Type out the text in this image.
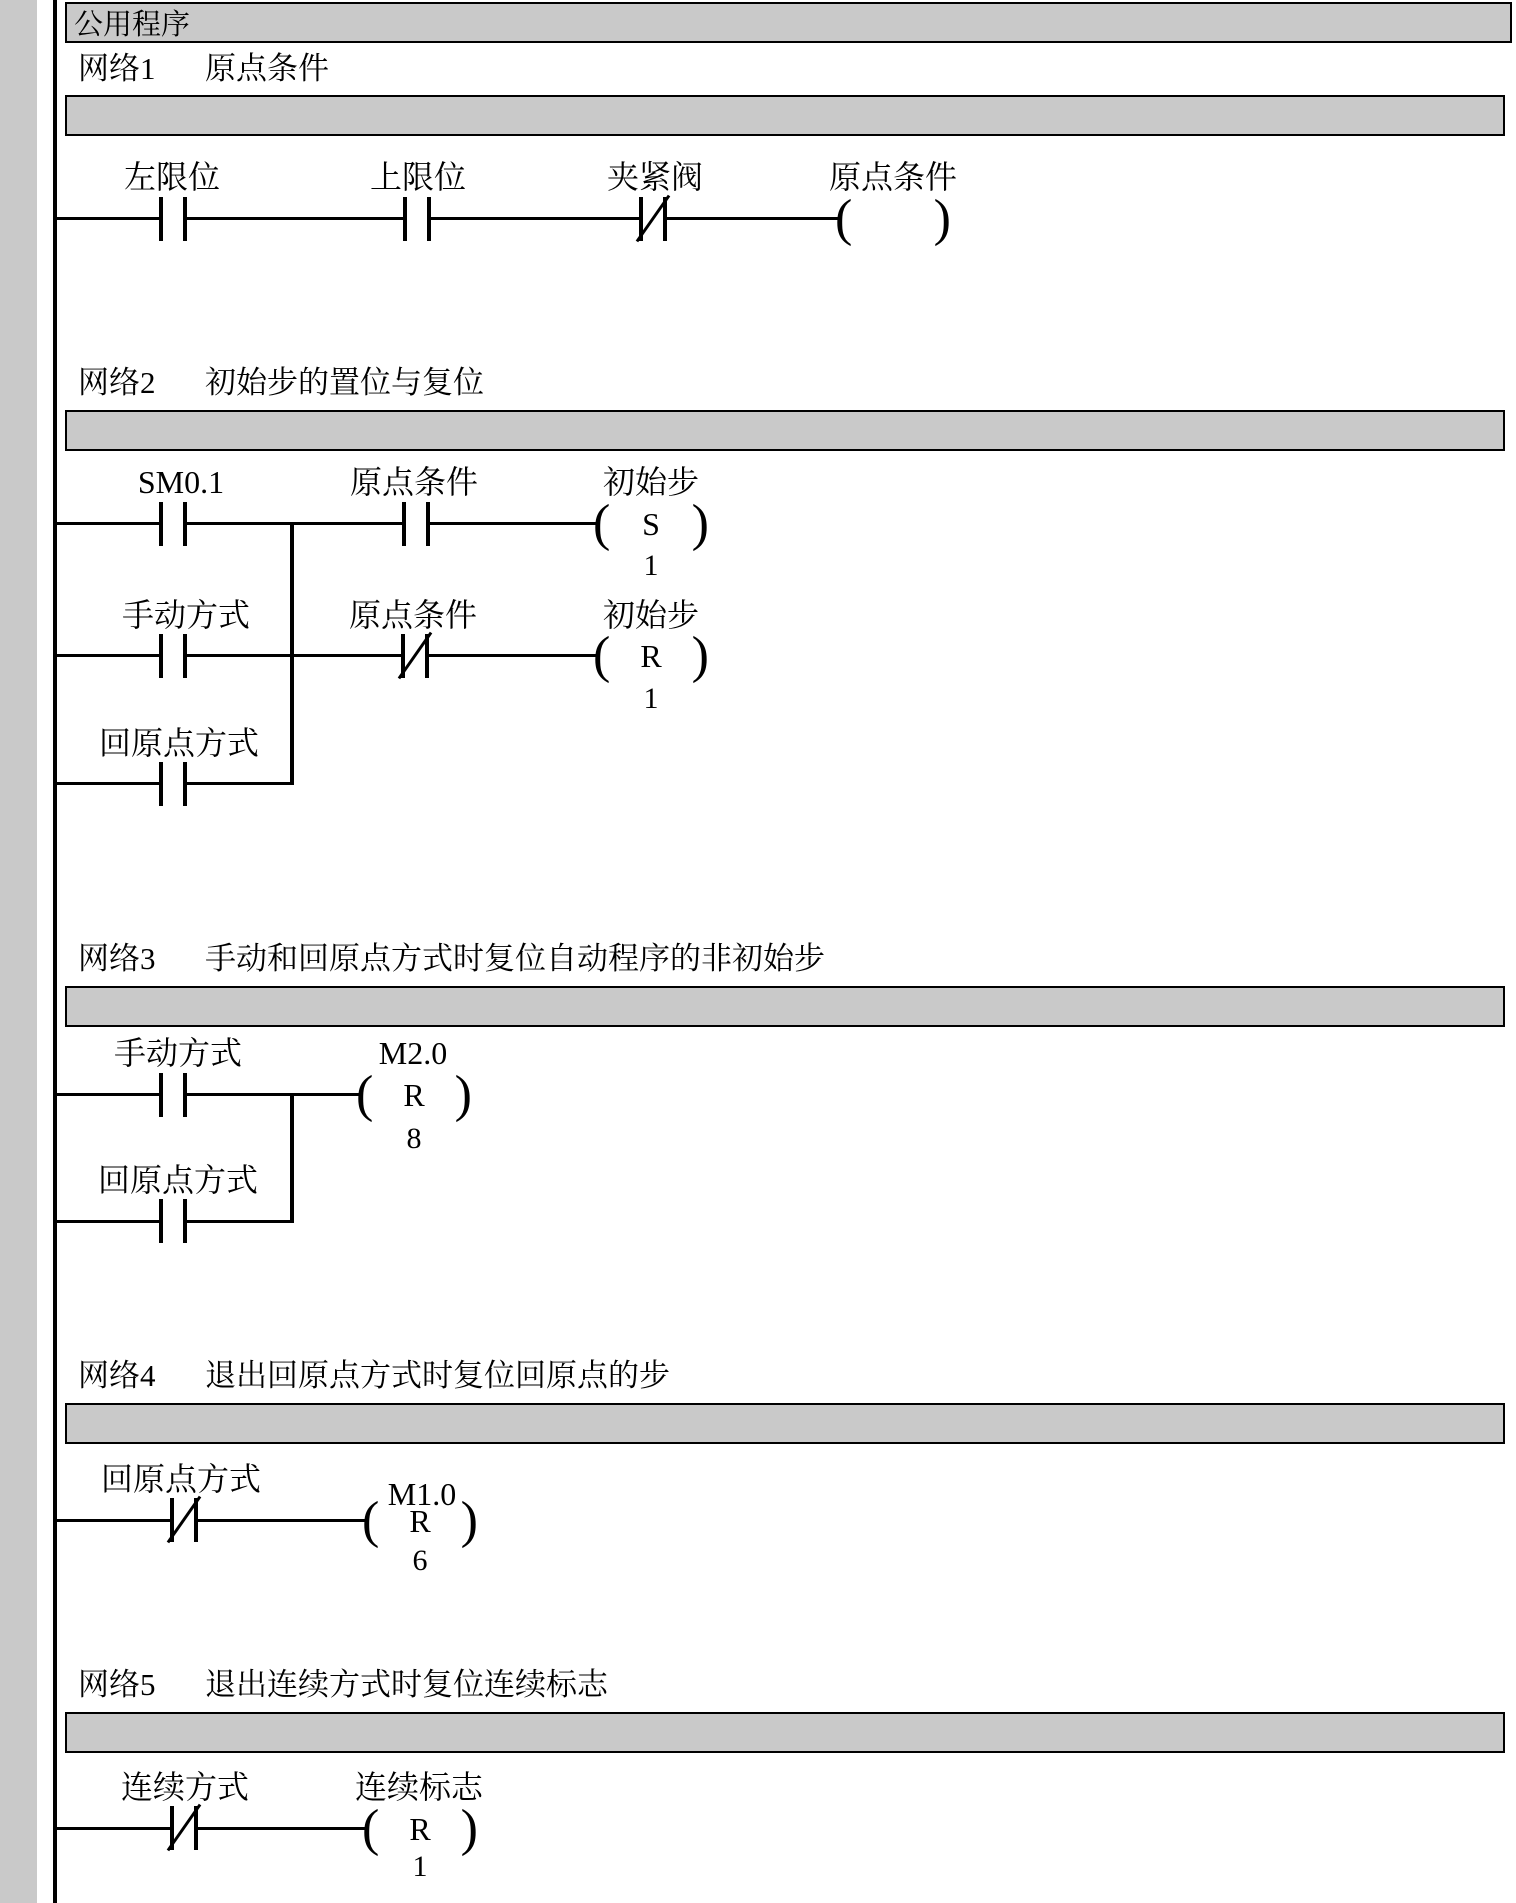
公用程序
网络1 原点条件
左限位	上限位	夹紧阀	原点条件
( )
网络2 初始步的置位与复位
SM0.1	原点条件	初始步
( S )
1
手动方式	原点条件	初始步
( R )
1
回原点方式
网络3 手动和回原点方式时复位自动程序的非初始步
手动方式	M2.0
( R )
8
回原点方式
网络4 退出回原点方式时复位回原点的步
回原点方式	M1.0
( R )
6
网络5 退出连续方式时复位连续标志
连续方式	连续标志
( R )
1
